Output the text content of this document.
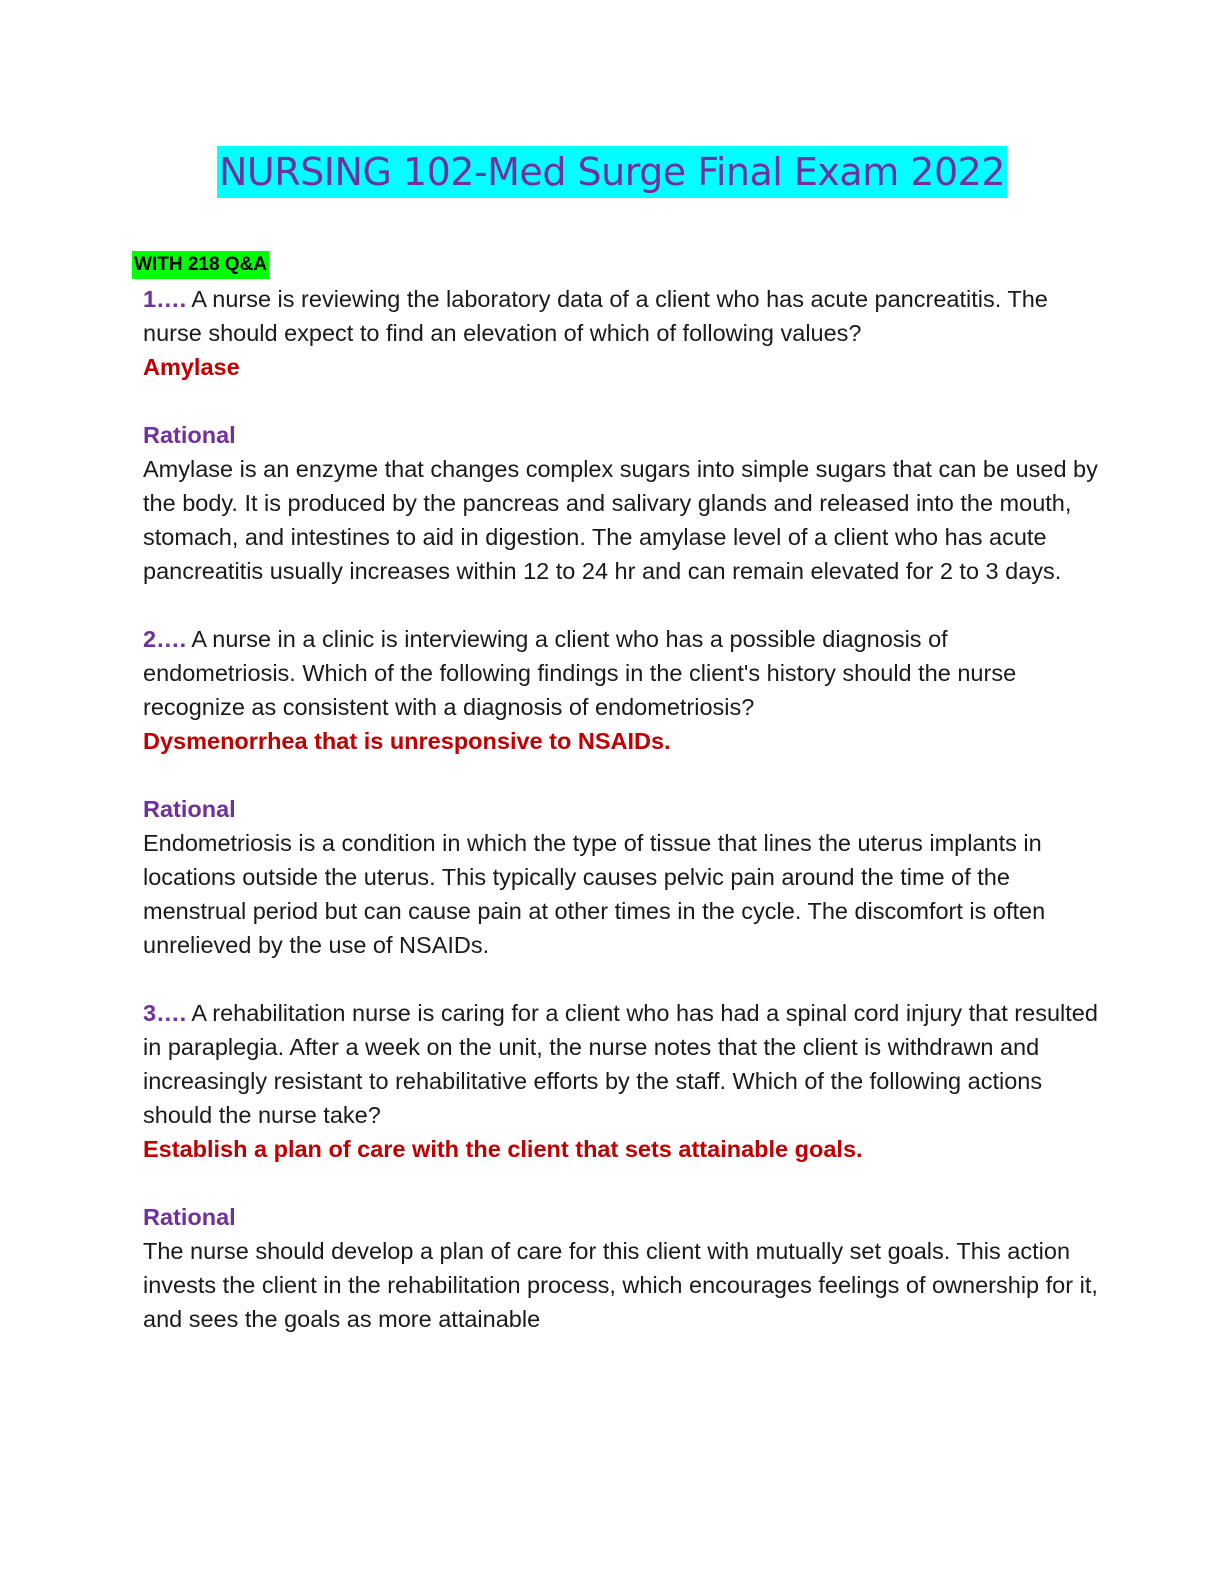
NURSING 102-Med Surge Final Exam 2022
WITH 218 Q&A
1…. A nurse is reviewing the laboratory data of a client who has acute pancreatitis. The nurse should expect to find an elevation of which of following values?
Amylase
Rational
Amylase is an enzyme that changes complex sugars into simple sugars that can be used by the body. It is produced by the pancreas and salivary glands and released into the mouth, stomach, and intestines to aid in digestion. The amylase level of a client who has acute pancreatitis usually increases within 12 to 24 hr and can remain elevated for 2 to 3 days.
2…. A nurse in a clinic is interviewing a client who has a possible diagnosis of endometriosis. Which of the following findings in the client's history should the nurse recognize as consistent with a diagnosis of endometriosis?
Dysmenorrhea that is unresponsive to NSAIDs.
Rational
Endometriosis is a condition in which the type of tissue that lines the uterus implants in locations outside the uterus. This typically causes pelvic pain around the time of the menstrual period but can cause pain at other times in the cycle. The discomfort is often unrelieved by the use of NSAIDs.
3…. A rehabilitation nurse is caring for a client who has had a spinal cord injury that resulted in paraplegia. After a week on the unit, the nurse notes that the client is withdrawn and increasingly resistant to rehabilitative efforts by the staff. Which of the following actions should the nurse take?
Establish a plan of care with the client that sets attainable goals.
Rational
The nurse should develop a plan of care for this client with mutually set goals. This action invests the client in the rehabilitation process, which encourages feelings of ownership for it, and sees the goals as more attainable
